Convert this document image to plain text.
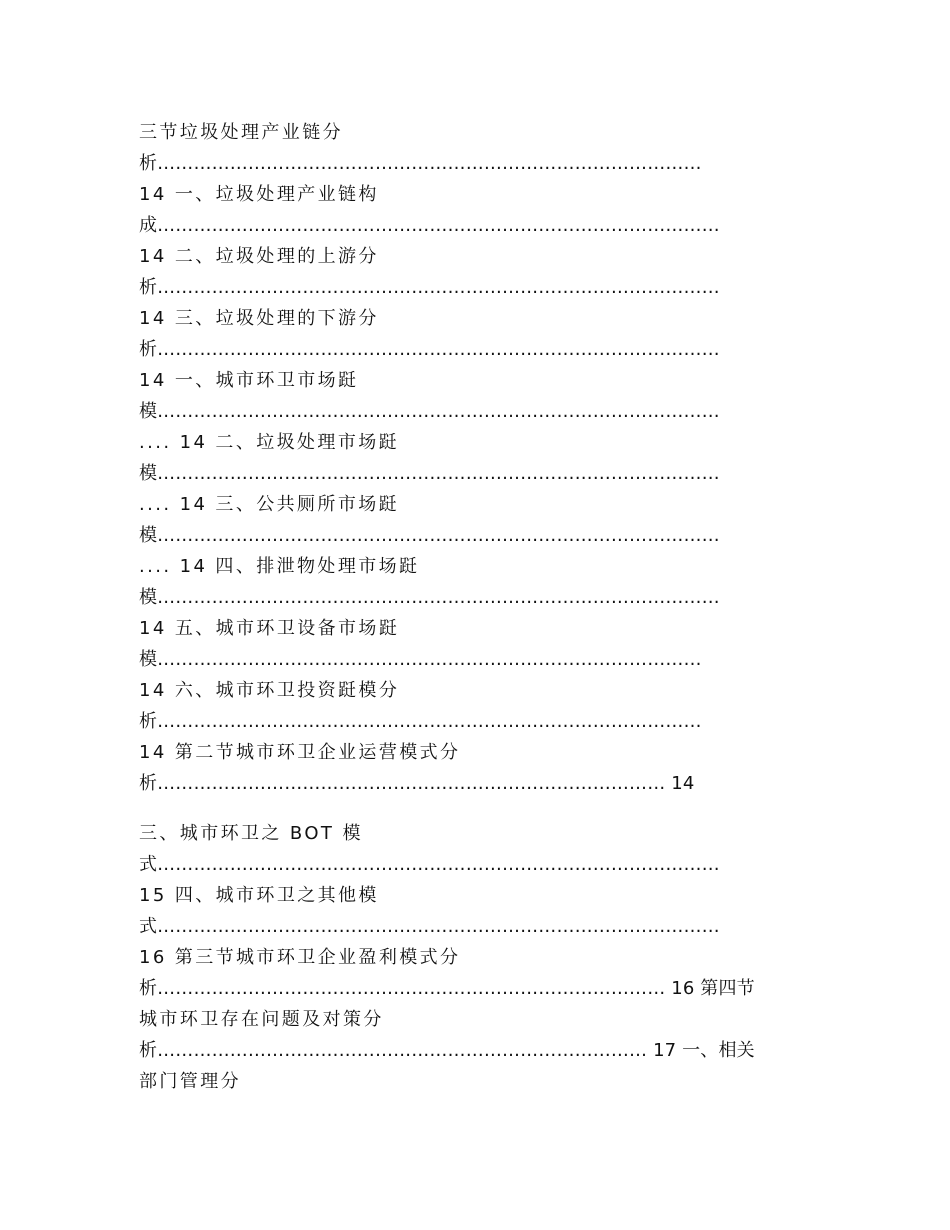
三节垃圾处理产业链分
析………………………………………………………………………………
14 一、垃圾处理产业链构
成…………………………………………………………………………………
14 二、垃圾处理的上游分
析…………………………………………………………………………………
14 三、垃圾处理的下游分
析…………………………………………………………………………………
14 一、城市环卫市场跹
模…………………………………………………………………………………
.... 14 二、垃圾处理市场跹
模…………………………………………………………………………………
.... 14 三、公共厕所市场跹
模…………………………………………………………………………………
.... 14 四、排泄物处理市场跹
模…………………………………………………………………………………
14 五、城市环卫设备市场跹
模………………………………………………………………………………
14 六、城市环卫投资跹模分
析………………………………………………………………………………
14 第二节城市环卫企业运营模式分
析………………………………………………………………………… 14
三、城市环卫之 BOT 模
式…………………………………………………………………………………
15 四、城市环卫之其他模
式…………………………………………………………………………………
16 第三节城市环卫企业盈利模式分
析………………………………………………………………………… 16 第四节
城市环卫存在问题及对策分
析……………………………………………………………………… 17 一、相关
部门管理分
